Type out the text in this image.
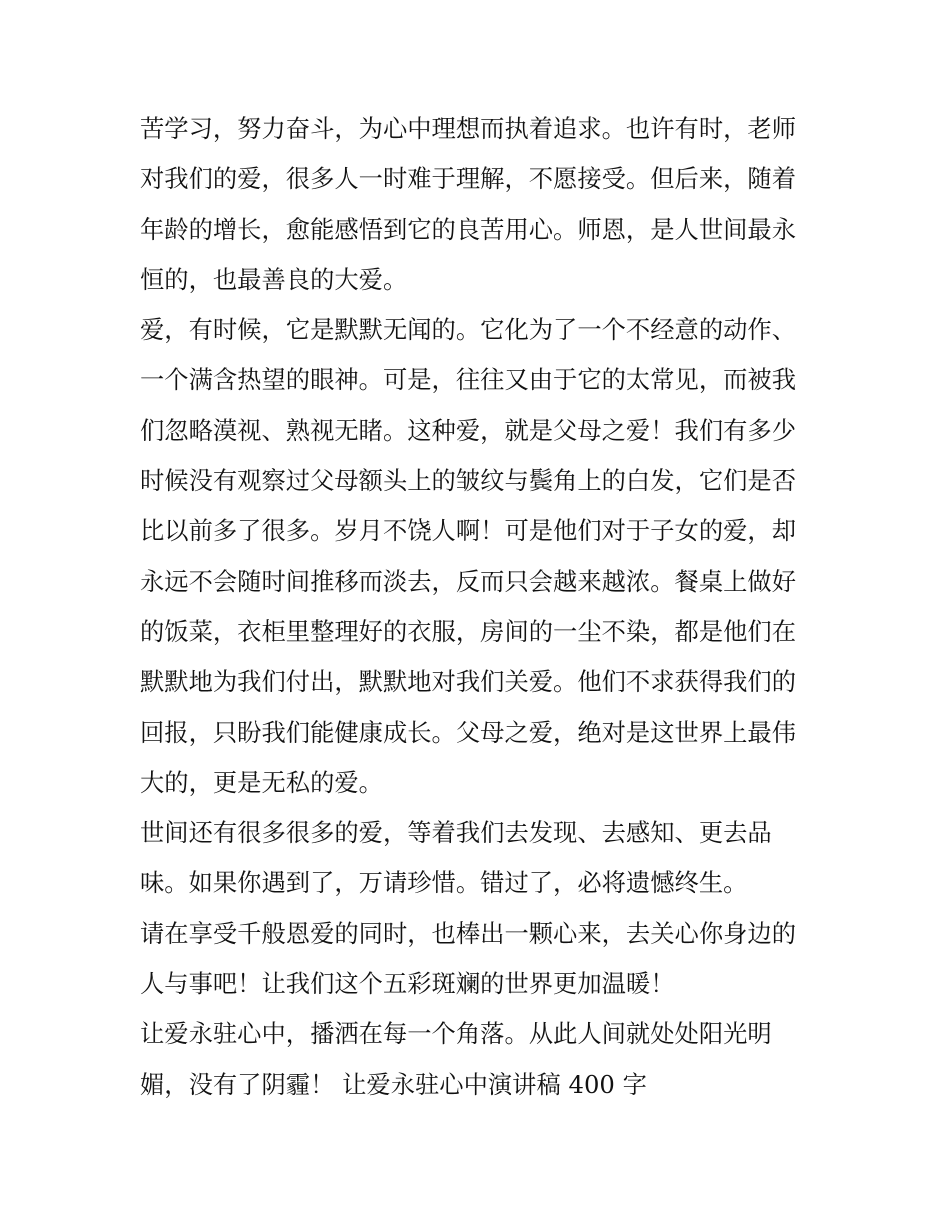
苦学习，努力奋斗，为心中理想而执着追求。也许有时，老师
对我们的爱，很多人一时难于理解，不愿接受。但后来，随着
年龄的增长，愈能感悟到它的良苦用心。师恩，是人世间最永
恒的，也最善良的大爱。
爱，有时候，它是默默无闻的。它化为了一个不经意的动作、
一个满含热望的眼神。可是，往往又由于它的太常见，而被我
们忽略漠视、熟视无睹。这种爱，就是父母之爱！我们有多少
时候没有观察过父母额头上的皱纹与鬓角上的白发，它们是否
比以前多了很多。岁月不饶人啊！可是他们对于子女的爱，却
永远不会随时间推移而淡去，反而只会越来越浓。餐桌上做好
的饭菜，衣柜里整理好的衣服，房间的一尘不染，都是他们在
默默地为我们付出，默默地对我们关爱。他们不求获得我们的
回报，只盼我们能健康成长。父母之爱，绝对是这世界上最伟
大的，更是无私的爱。
世间还有很多很多的爱，等着我们去发现、去感知、更去品
味。如果你遇到了，万请珍惜。错过了，必将遗憾终生。
请在享受千般恩爱的同时，也棒出一颗心来，去关心你身边的
人与事吧！让我们这个五彩斑斓的世界更加温暖！
让爱永驻心中，播洒在每一个角落。从此人间就处处阳光明
媚，没有了阴霾！ 让爱永驻心中演讲稿 400 字
